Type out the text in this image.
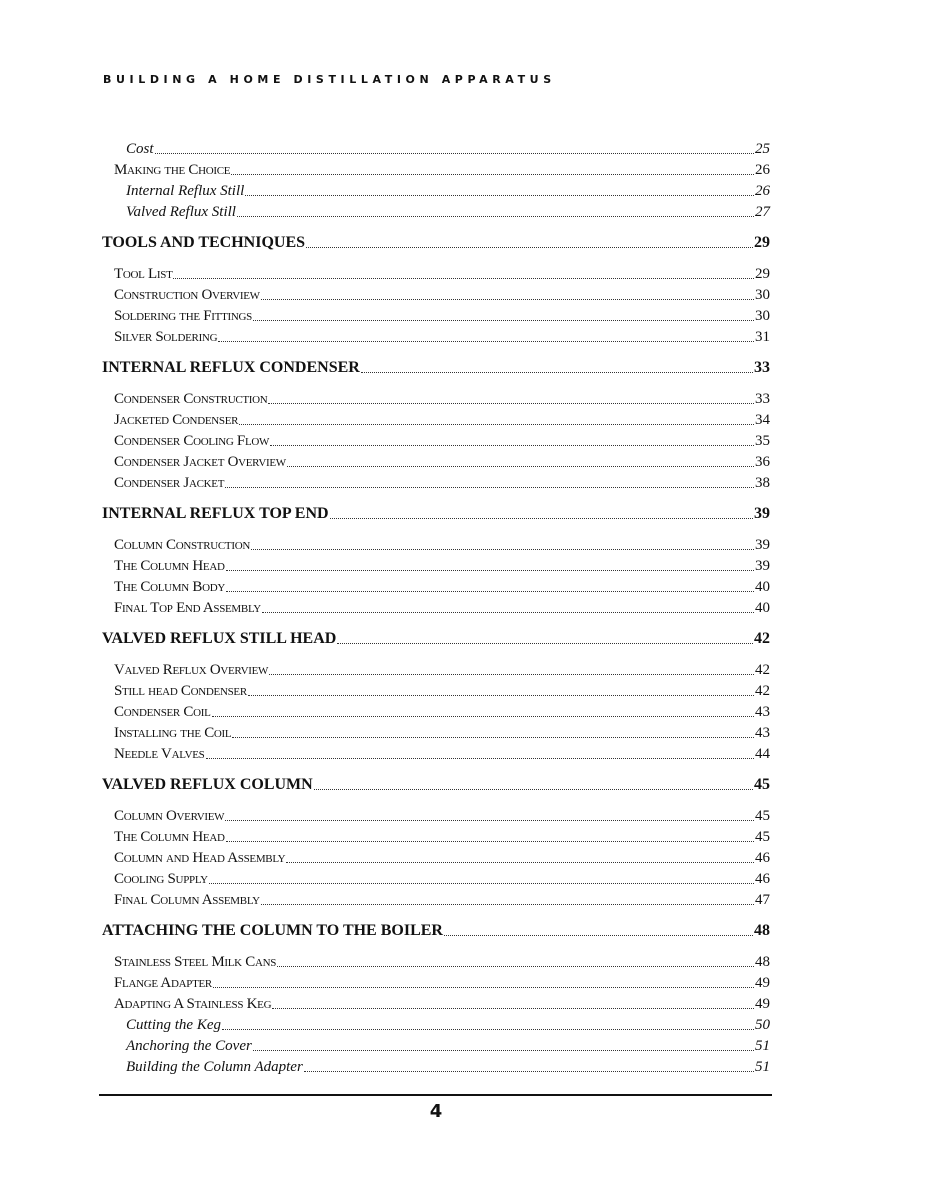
BUILDING A HOME DISTILLATION APPARATUS
Cost	25
Making the Choice	26
Internal Reflux Still	26
Valved Reflux Still	27
TOOLS AND TECHNIQUES	29
Tool List	29
Construction Overview	30
Soldering the Fittings	30
Silver Soldering	31
INTERNAL REFLUX CONDENSER	33
Condenser Construction	33
Jacketed Condenser	34
Condenser Cooling Flow	35
Condenser Jacket Overview	36
Condenser Jacket	38
INTERNAL REFLUX TOP END	39
Column Construction	39
The Column Head	39
The Column Body	40
Final Top End Assembly	40
VALVED REFLUX STILL HEAD	42
Valved Reflux Overview	42
Still head Condenser	42
Condenser Coil	43
Installing the Coil	43
Needle Valves	44
VALVED REFLUX COLUMN	45
Column Overview	45
The Column Head	45
Column and Head Assembly	46
Cooling Supply	46
Final Column Assembly	47
ATTACHING THE COLUMN TO THE BOILER	48
Stainless Steel Milk Cans	48
Flange Adapter	49
Adapting A Stainless Keg	49
Cutting the Keg	50
Anchoring the Cover	51
Building the Column Adapter	51
4
